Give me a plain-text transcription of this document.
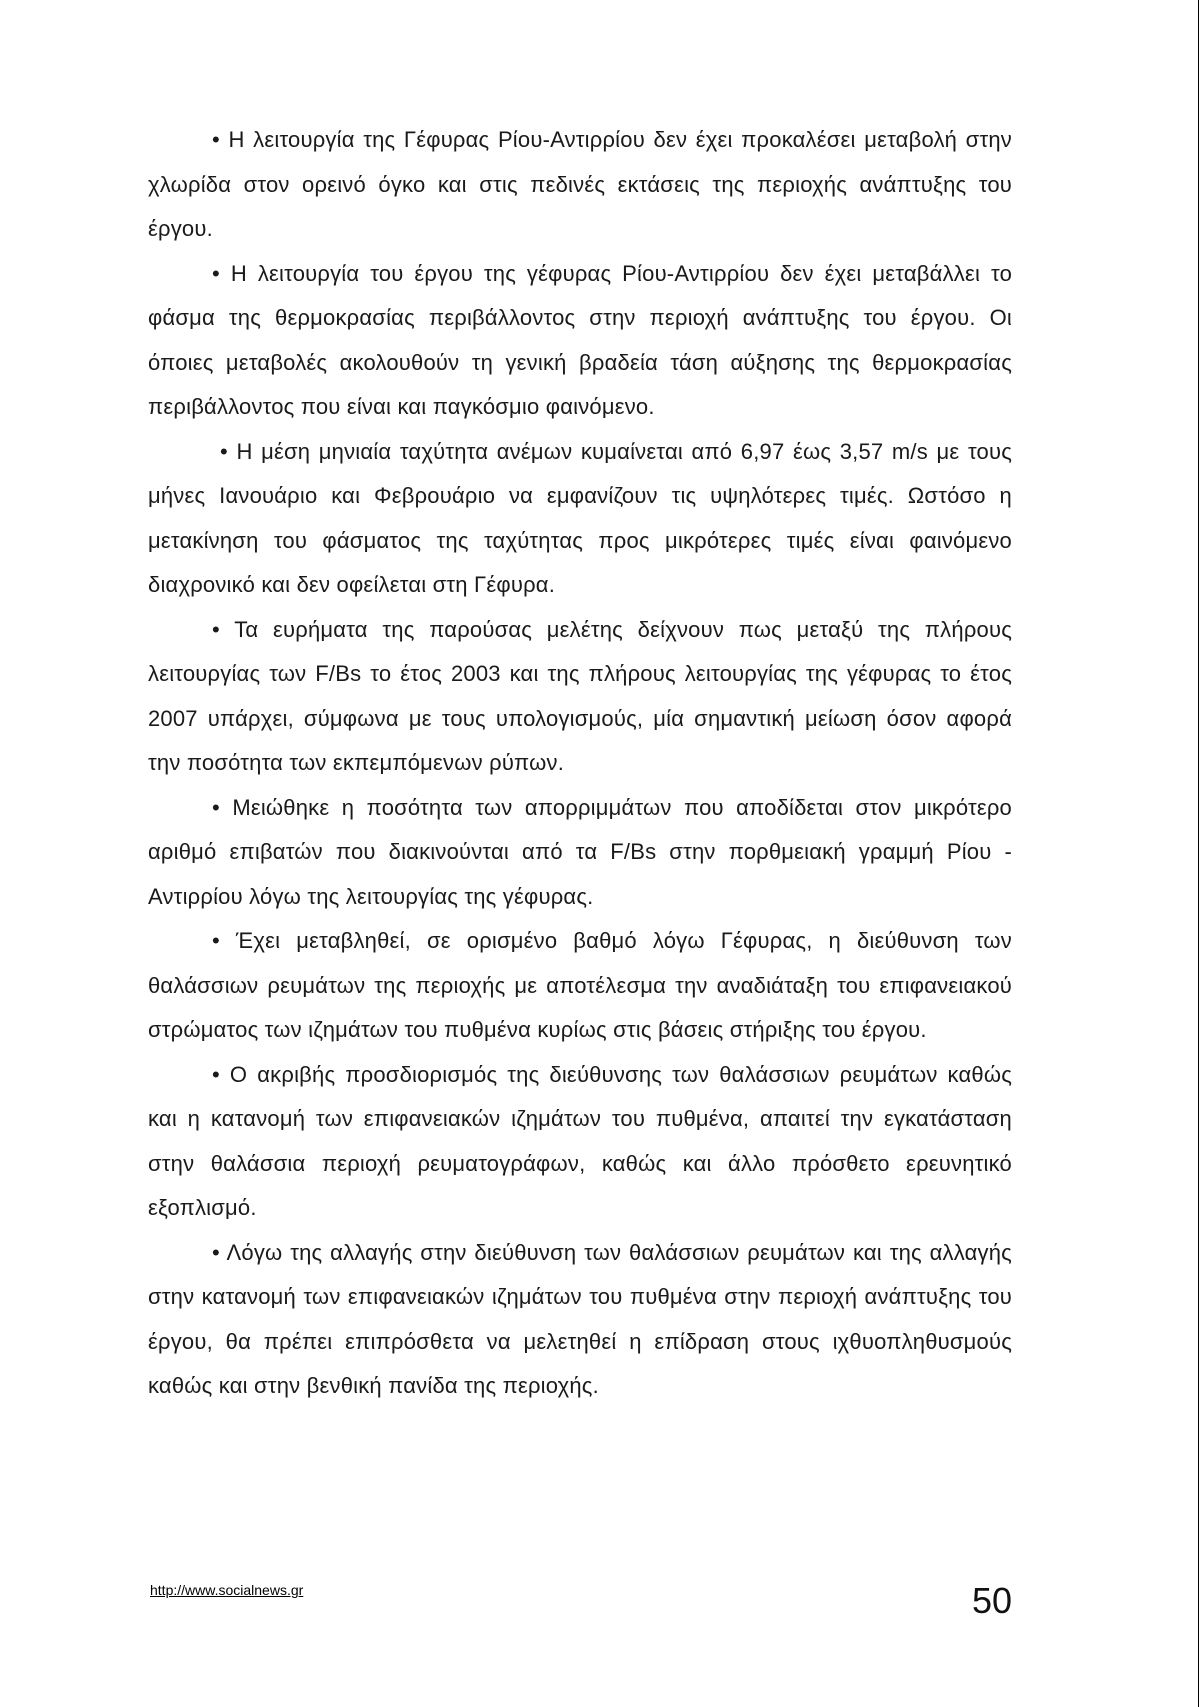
• Η λειτουργία της Γέφυρας Ρίου-Αντιρρίου δεν έχει προκαλέσει μεταβολή στην χλωρίδα στον ορεινό όγκο και στις πεδινές εκτάσεις της περιοχής ανάπτυξης του έργου.

• Η λειτουργία του έργου της γέφυρας Ρίου-Αντιρρίου δεν έχει μεταβάλλει το φάσμα της θερμοκρασίας περιβάλλοντος στην περιοχή ανάπτυξης του έργου. Οι όποιες μεταβολές ακολουθούν τη γενική βραδεία τάση αύξησης της θερμοκρασίας περιβάλλοντος που είναι και παγκόσμιο φαινόμενο.

• Η μέση μηνιαία ταχύτητα ανέμων κυμαίνεται από 6,97 έως 3,57 m/s με τους μήνες Ιανουάριο και Φεβρουάριο να εμφανίζουν τις υψηλότερες τιμές. Ωστόσο η μετακίνηση του φάσματος της ταχύτητας προς μικρότερες τιμές είναι φαινόμενο διαχρονικό και δεν οφείλεται στη Γέφυρα.

• Τα ευρήματα της παρούσας μελέτης δείχνουν πως μεταξύ της πλήρους λειτουργίας των F/Bs το έτος 2003 και της πλήρους λειτουργίας της γέφυρας το έτος 2007 υπάρχει, σύμφωνα με τους υπολογισμούς, μία σημαντική μείωση όσον αφορά την ποσότητα των εκπεμπόμενων ρύπων.

• Μειώθηκε η ποσότητα των απορριμμάτων που αποδίδεται στον μικρότερο αριθμό επιβατών που διακινούνται από τα F/Bs στην πορθμειακή γραμμή Ρίου - Αντιρρίου λόγω της λειτουργίας της γέφυρας.

• Έχει μεταβληθεί, σε ορισμένο βαθμό λόγω Γέφυρας, η διεύθυνση των θαλάσσιων ρευμάτων της περιοχής με αποτέλεσμα την αναδιάταξη του επιφανειακού στρώματος των ιζημάτων του πυθμένα κυρίως στις βάσεις στήριξης του έργου.

• Ο ακριβής προσδιορισμός της διεύθυνσης των θαλάσσιων ρευμάτων καθώς και η κατανομή των επιφανειακών ιζημάτων του πυθμένα, απαιτεί την εγκατάσταση στην θαλάσσια περιοχή ρευματογράφων, καθώς και άλλο πρόσθετο ερευνητικό εξοπλισμό.

• Λόγω της αλλαγής στην διεύθυνση των θαλάσσιων ρευμάτων και της αλλαγής στην κατανομή των επιφανειακών ιζημάτων του πυθμένα στην περιοχή ανάπτυξης του έργου, θα πρέπει επιπρόσθετα να μελετηθεί η επίδραση στους ιχθυοπληθυσμούς καθώς και στην βενθική πανίδα της περιοχής.

http://www.socialnews.gr	50
